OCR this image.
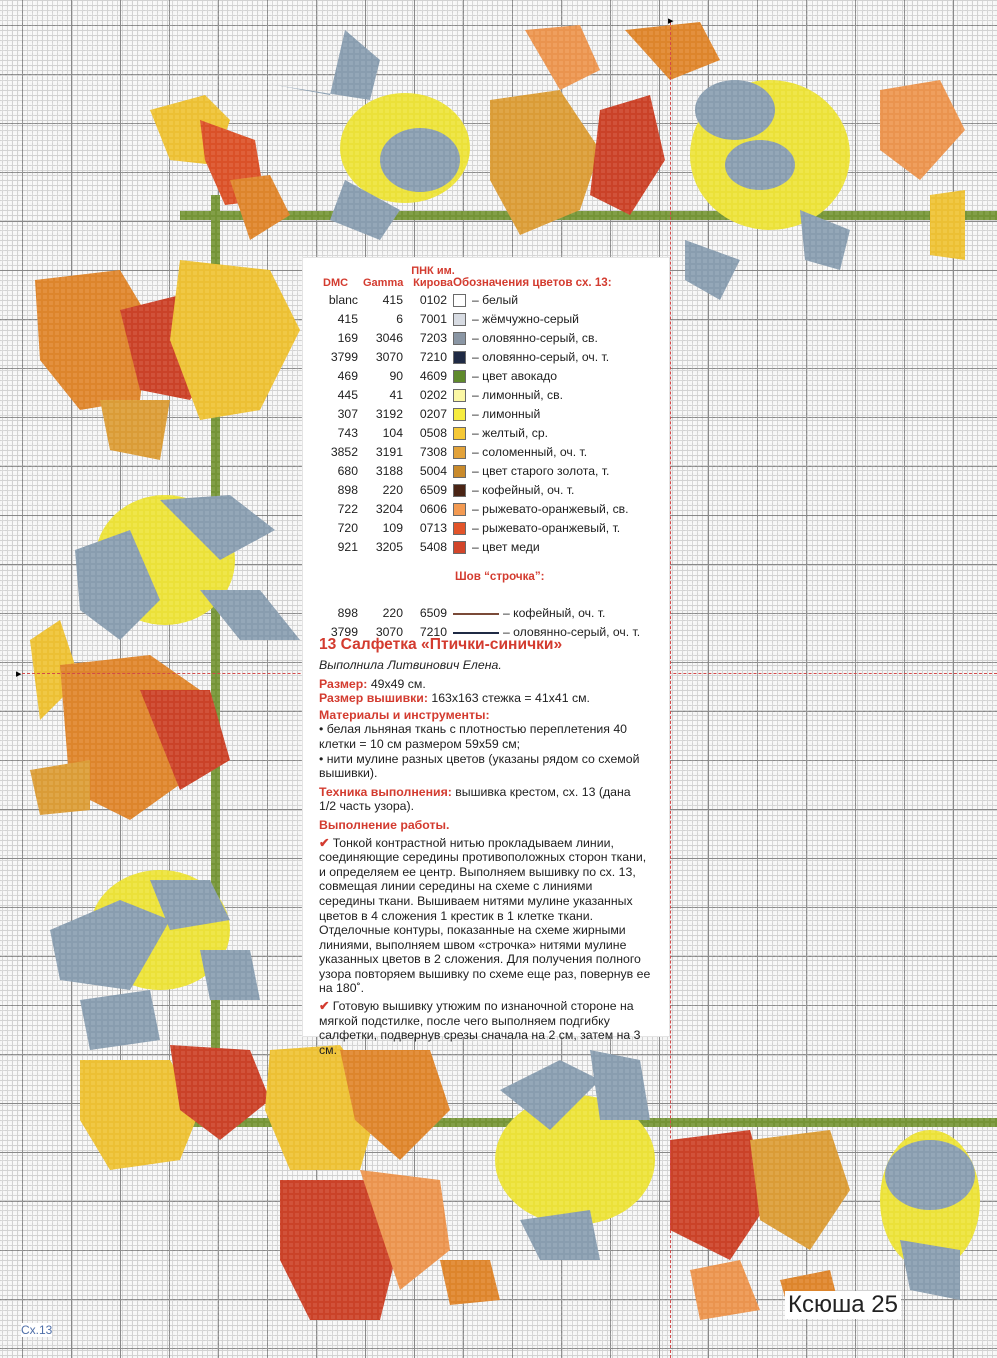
▸
▸
DMC Gamma
ПНК им. Кирова Обозначения цветов сх. 13:
blanc	415	0102 – белый
415	6	7001 – жёмчужно-серый
169	3046	7203 – оловянно-серый, св.
3799	3070	7210 – оловянно-серый, оч. т.
469	90	4609 – цвет авокадо
445	41	0202 – лимонный, св.
307	3192	0207 – лимонный
743	104	0508 – желтый, ср.
3852	3191	7308 – соломенный, оч. т.
680	3188	5004 – цвет старого золота, т.
898	220	6509 – кофейный, оч. т.
722	3204	0606 – рыжевато-оранжевый, св.
720	109	0713 – рыжевато-оранжевый, т.
921	3205	5408 – цвет меди
Шов “строчка”:
898	220	6509	– кофейный, оч. т.
3799	3070	7210	– оловянно-серый, оч. т.
13 Салфетка «Птички-синички»

Выполнила Литвинович Елена.

Размер: 49x49 см.

Размер вышивки: 163x163 стежка = 41x41 см.

Материалы и инструменты:

• белая льняная ткань с плотностью переплетения 40 клетки = 10 см размером 59x59 см;

• нити мулине разных цветов (указаны рядом со схемой вышивки).

Техника выполнения: вышивка крестом, сх. 13 (дана 1/2 часть узора).

Выполнение работы.

✔ Тонкой контрастной нитью прокладываем линии, соединяющие середины противоположных сторон ткани, и определяем ее центр. Выполняем вышивку по сх. 13, совмещая линии середины на схеме с линиями середины ткани. Вышиваем нитями мулине указанных цветов в 4 сложения 1 крестик в 1 клетке ткани. Отделочные контуры, показанные на схеме жирными линиями, выполняем швом «строчка» нитями мулине указанных цветов в 2 сложения. Для получения полного узора повторяем вышивку по схеме еще раз, повернув ее на 180˚.

✔ Готовую вышивку утюжим по изнаночной стороне на мягкой подстилке, после чего выполняем подгибку салфетки, подвернув срезы сначала на 2 см, затем на 3 см.

Сх.13
Ксюша 25
